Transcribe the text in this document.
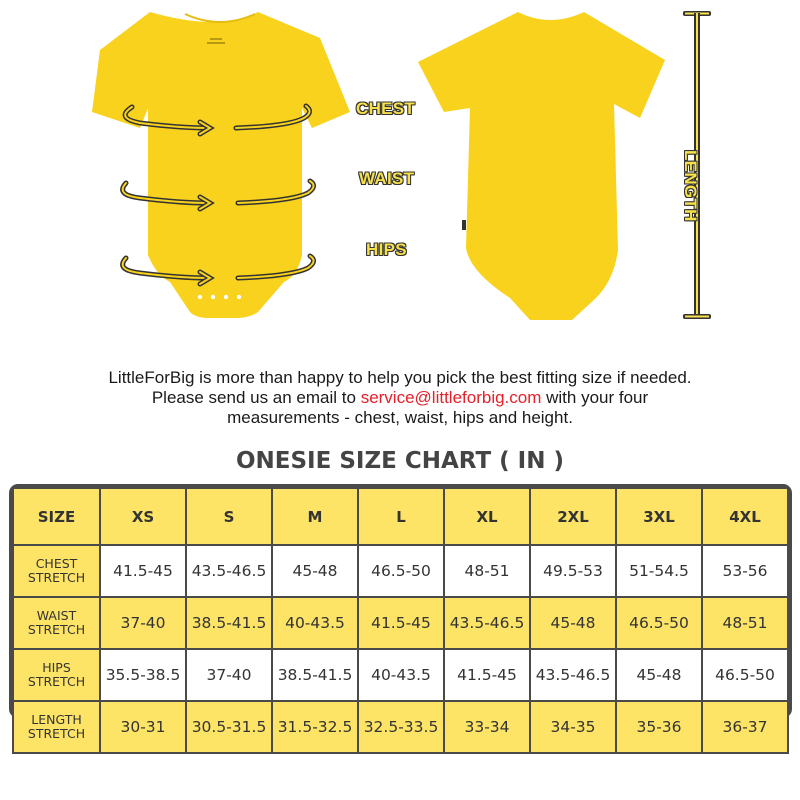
CHEST
WAIST
HIPS
LENGTH
LittleForBig is more than happy to help you pick the best fitting size if needed.
Please send us an email to service@littleforbig.com with your four
measurements - chest, waist, hips and height.
ONESIE SIZE CHART ( IN )
SIZE	XS	S	M	L	XL	2XL	3XL	4XL

CHEST
STRETCH	41.5-45	43.5-46.5	45-48	46.5-50	48-51	49.5-53	51-54.5	53-56

WAIST
STRETCH	37-40	38.5-41.5	40-43.5	41.5-45	43.5-46.5	45-48	46.5-50	48-51

HIPS
STRETCH	35.5-38.5	37-40	38.5-41.5	40-43.5	41.5-45	43.5-46.5	45-48	46.5-50

LENGTH
STRETCH	30-31	30.5-31.5	31.5-32.5	32.5-33.5	33-34	34-35	35-36	36-37
